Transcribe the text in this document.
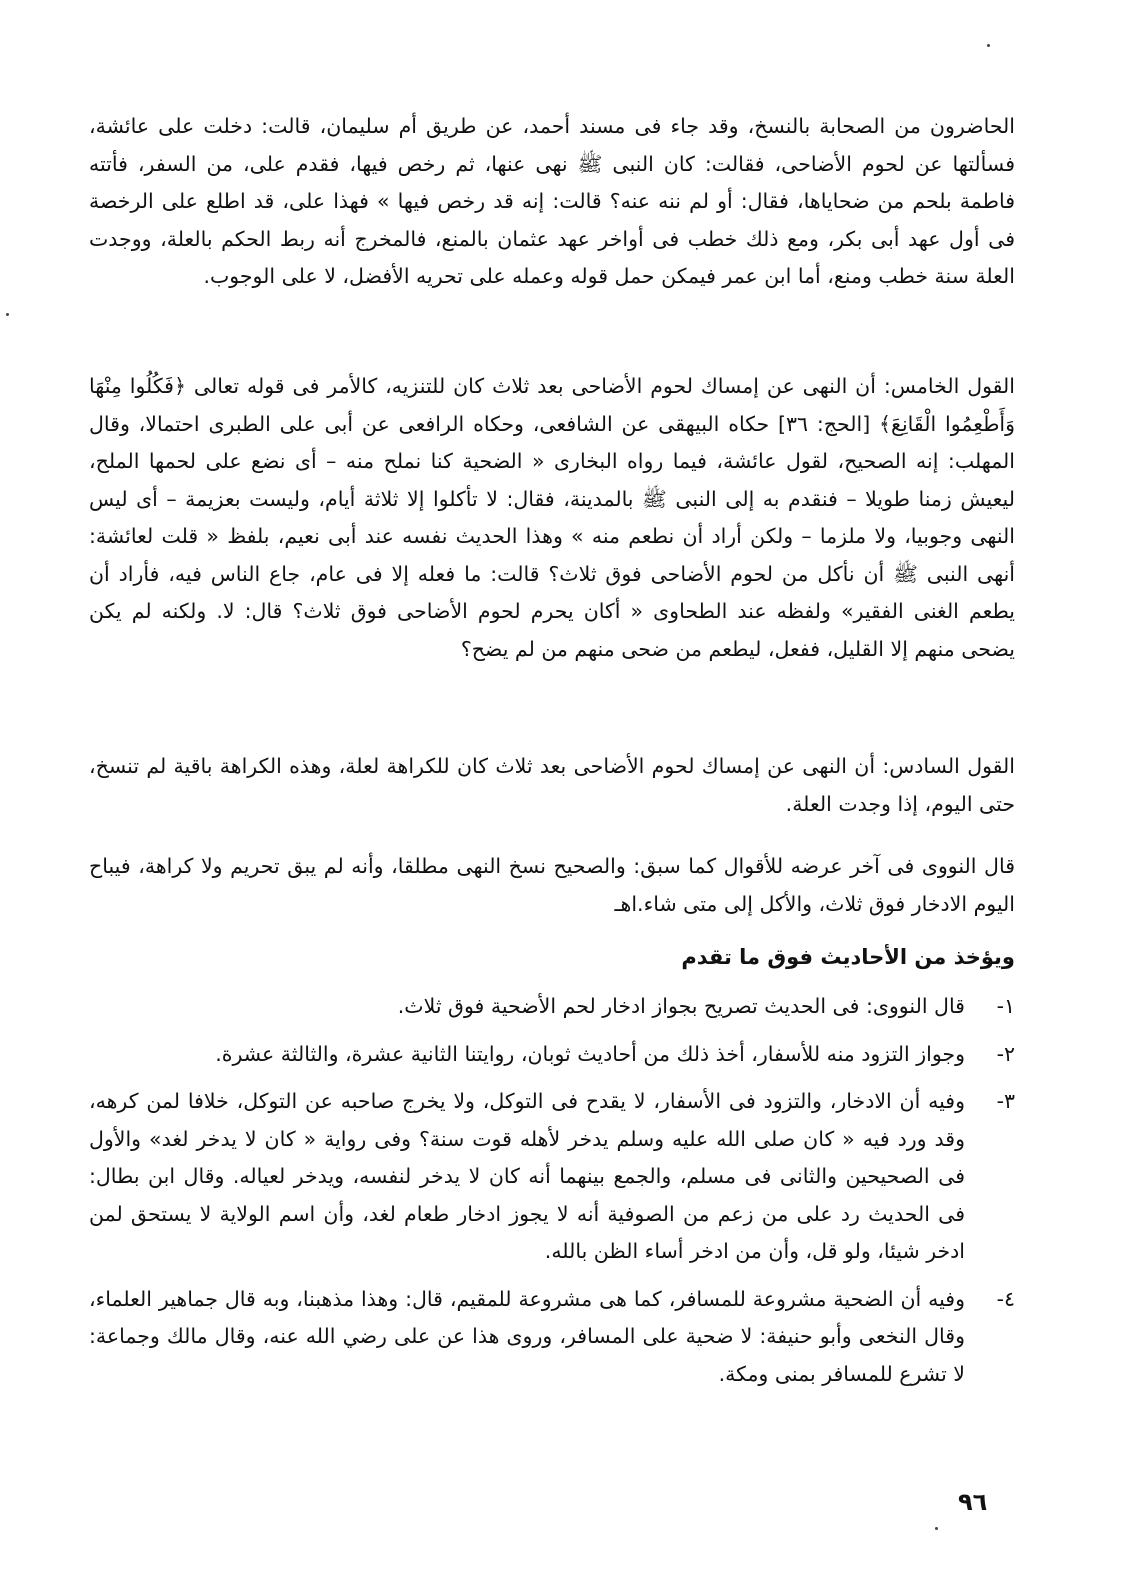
الحاضرون من الصحابة بالنسخ، وقد جاء فى مسند أحمد، عن طريق أم سليمان، قالت: دخلت على عائشة، فسألتها عن لحوم الأضاحى، فقالت: كان النبى ﷺ نهى عنها، ثم رخص فيها، فقدم على، من السفر، فأتته فاطمة بلحم من ضحاياها، فقال: أو لم ننه عنه؟ قالت: إنه قد رخص فيها » فهذا على، قد اطلع على الرخصة فى أول عهد أبى بكر، ومع ذلك خطب فى أواخر عهد عثمان بالمنع، فالمخرج أنه ربط الحكم بالعلة، ووجدت العلة سنة خطب ومنع، أما ابن عمر فيمكن حمل قوله وعمله على تحريه الأفضل، لا على الوجوب.

القول الخامس: أن النهى عن إمساك لحوم الأضاحى بعد ثلاث كان للتنزيه، كالأمر فى قوله تعالى ﴿فَكُلُوا مِنْهَا وَأَطْعِمُوا الْقَانِعَ﴾ [الحج: ٣٦] حكاه البيهقى عن الشافعى، وحكاه الرافعى عن أبى على الطبرى احتمالا، وقال المهلب: إنه الصحيح، لقول عائشة، فيما رواه البخارى « الضحية كنا نملح منه – أى نضع على لحمها الملح، ليعيش زمنا طويلا – فنقدم به إلى النبى ﷺ بالمدينة، فقال: لا تأكلوا إلا ثلاثة أيام، وليست بعزيمة – أى ليس النهى وجوبيا، ولا ملزما – ولكن أراد أن نطعم منه » وهذا الحديث نفسه عند أبى نعيم، بلفظ « قلت لعائشة: أنهى النبى ﷺ أن نأكل من لحوم الأضاحى فوق ثلاث؟ قالت: ما فعله إلا فى عام، جاع الناس فيه، فأراد أن يطعم الغنى الفقير» ولفظه عند الطحاوى « أكان يحرم لحوم الأضاحى فوق ثلاث؟ قال: لا. ولكنه لم يكن يضحى منهم إلا القليل، ففعل، ليطعم من ضحى منهم من لم يضح؟

القول السادس: أن النهى عن إمساك لحوم الأضاحى بعد ثلاث كان للكراهة لعلة، وهذه الكراهة باقية لم تنسخ، حتى اليوم، إذا وجدت العلة.

قال النووى فى آخر عرضه للأقوال كما سبق: والصحيح نسخ النهى مطلقا، وأنه لم يبق تحريم ولا كراهة، فيباح اليوم الادخار فوق ثلاث، والأكل إلى متى شاء.اهـ

ويؤخذ من الأحاديث فوق ما تقدم
١-

قال النووى: فى الحديث تصريح بجواز ادخار لحم الأضحية فوق ثلاث.

٢-

وجواز التزود منه للأسفار، أخذ ذلك من أحاديث ثوبان، روايتنا الثانية عشرة، والثالثة عشرة.

٣-

وفيه أن الادخار، والتزود فى الأسفار، لا يقدح فى التوكل، ولا يخرج صاحبه عن التوكل، خلافا لمن كرهه، وقد ورد فيه « كان صلى الله عليه وسلم يدخر لأهله قوت سنة؟ وفى رواية « كان لا يدخر لغد» والأول فى الصحيحين والثانى فى مسلم، والجمع بينهما أنه كان لا يدخر لنفسه، ويدخر لعياله. وقال ابن بطال: فى الحديث رد على من زعم من الصوفية أنه لا يجوز ادخار طعام لغد، وأن اسم الولاية لا يستحق لمن ادخر شيئا، ولو قل، وأن من ادخر أساء الظن بالله.

٤-

وفيه أن الضحية مشروعة للمسافر، كما هى مشروعة للمقيم، قال: وهذا مذهبنا، وبه قال جماهير العلماء، وقال النخعى وأبو حنيفة: لا ضحية على المسافر، وروى هذا عن على رضي الله عنه، وقال مالك وجماعة: لا تشرع للمسافر بمنى ومكة.

٩٦
